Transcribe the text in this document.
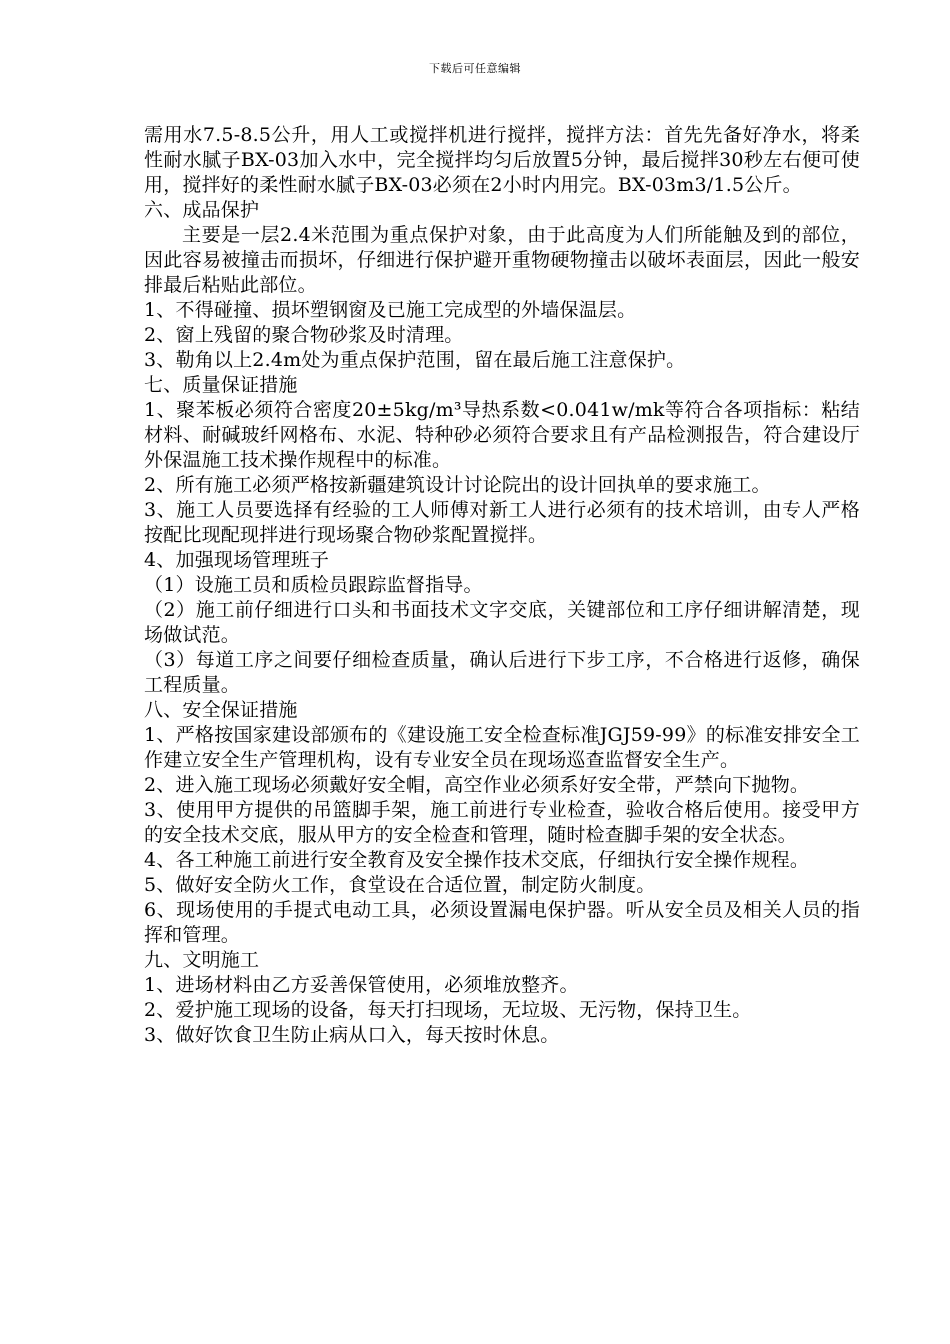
下载后可任意编辑

需用水7.5-8.5公升，用人工或搅拌机进行搅拌，搅拌方法：首先先备好净水，将柔性耐水腻子BX-03加入水中，完全搅拌均匀后放置5分钟，最后搅拌30秒左右便可使用，搅拌好的柔性耐水腻子BX-03必须在2小时内用完。BX-03m3/1.5公斤。

六、成品保护

主要是一层2.4米范围为重点保护对象，由于此高度为人们所能触及到的部位，因此容易被撞击而损坏，仔细进行保护避开重物硬物撞击以破坏表面层，因此一般安排最后粘贴此部位。

1、不得碰撞、损坏塑钢窗及已施工完成型的外墙保温层。

2、窗上残留的聚合物砂浆及时清理。

3、勒角以上2.4m处为重点保护范围，留在最后施工注意保护。

七、质量保证措施

1、聚苯板必须符合密度20±5kg/m³导热系数<0.041w/mk等符合各项指标：粘结材料、耐碱玻纤网格布、水泥、特种砂必须符合要求且有产品检测报告，符合建设厅外保温施工技术操作规程中的标准。

2、所有施工必须严格按新疆建筑设计讨论院出的设计回执单的要求施工。

3、施工人员要选择有经验的工人师傅对新工人进行必须有的技术培训，由专人严格按配比现配现拌进行现场聚合物砂浆配置搅拌。

4、加强现场管理班子

（1）设施工员和质检员跟踪监督指导。

（2）施工前仔细进行口头和书面技术文字交底，关键部位和工序仔细讲解清楚，现场做试范。

（3）每道工序之间要仔细检查质量，确认后进行下步工序，不合格进行返修，确保工程质量。

八、安全保证措施

1、严格按国家建设部颁布的《建设施工安全检查标准JGJ59-99》的标准安排安全工作建立安全生产管理机构，设有专业安全员在现场巡查监督安全生产。

2、进入施工现场必须戴好安全帽，高空作业必须系好安全带，严禁向下抛物。

3、使用甲方提供的吊篮脚手架，施工前进行专业检查，验收合格后使用。接受甲方的安全技术交底，服从甲方的安全检查和管理，随时检查脚手架的安全状态。

4、各工种施工前进行安全教育及安全操作技术交底，仔细执行安全操作规程。

5、做好安全防火工作，食堂设在合适位置，制定防火制度。

6、现场使用的手提式电动工具，必须设置漏电保护器。听从安全员及相关人员的指挥和管理。

九、文明施工

1、进场材料由乙方妥善保管使用，必须堆放整齐。

2、爱护施工现场的设备，每天打扫现场，无垃圾、无污物，保持卫生。

3、做好饮食卫生防止病从口入，每天按时休息。
